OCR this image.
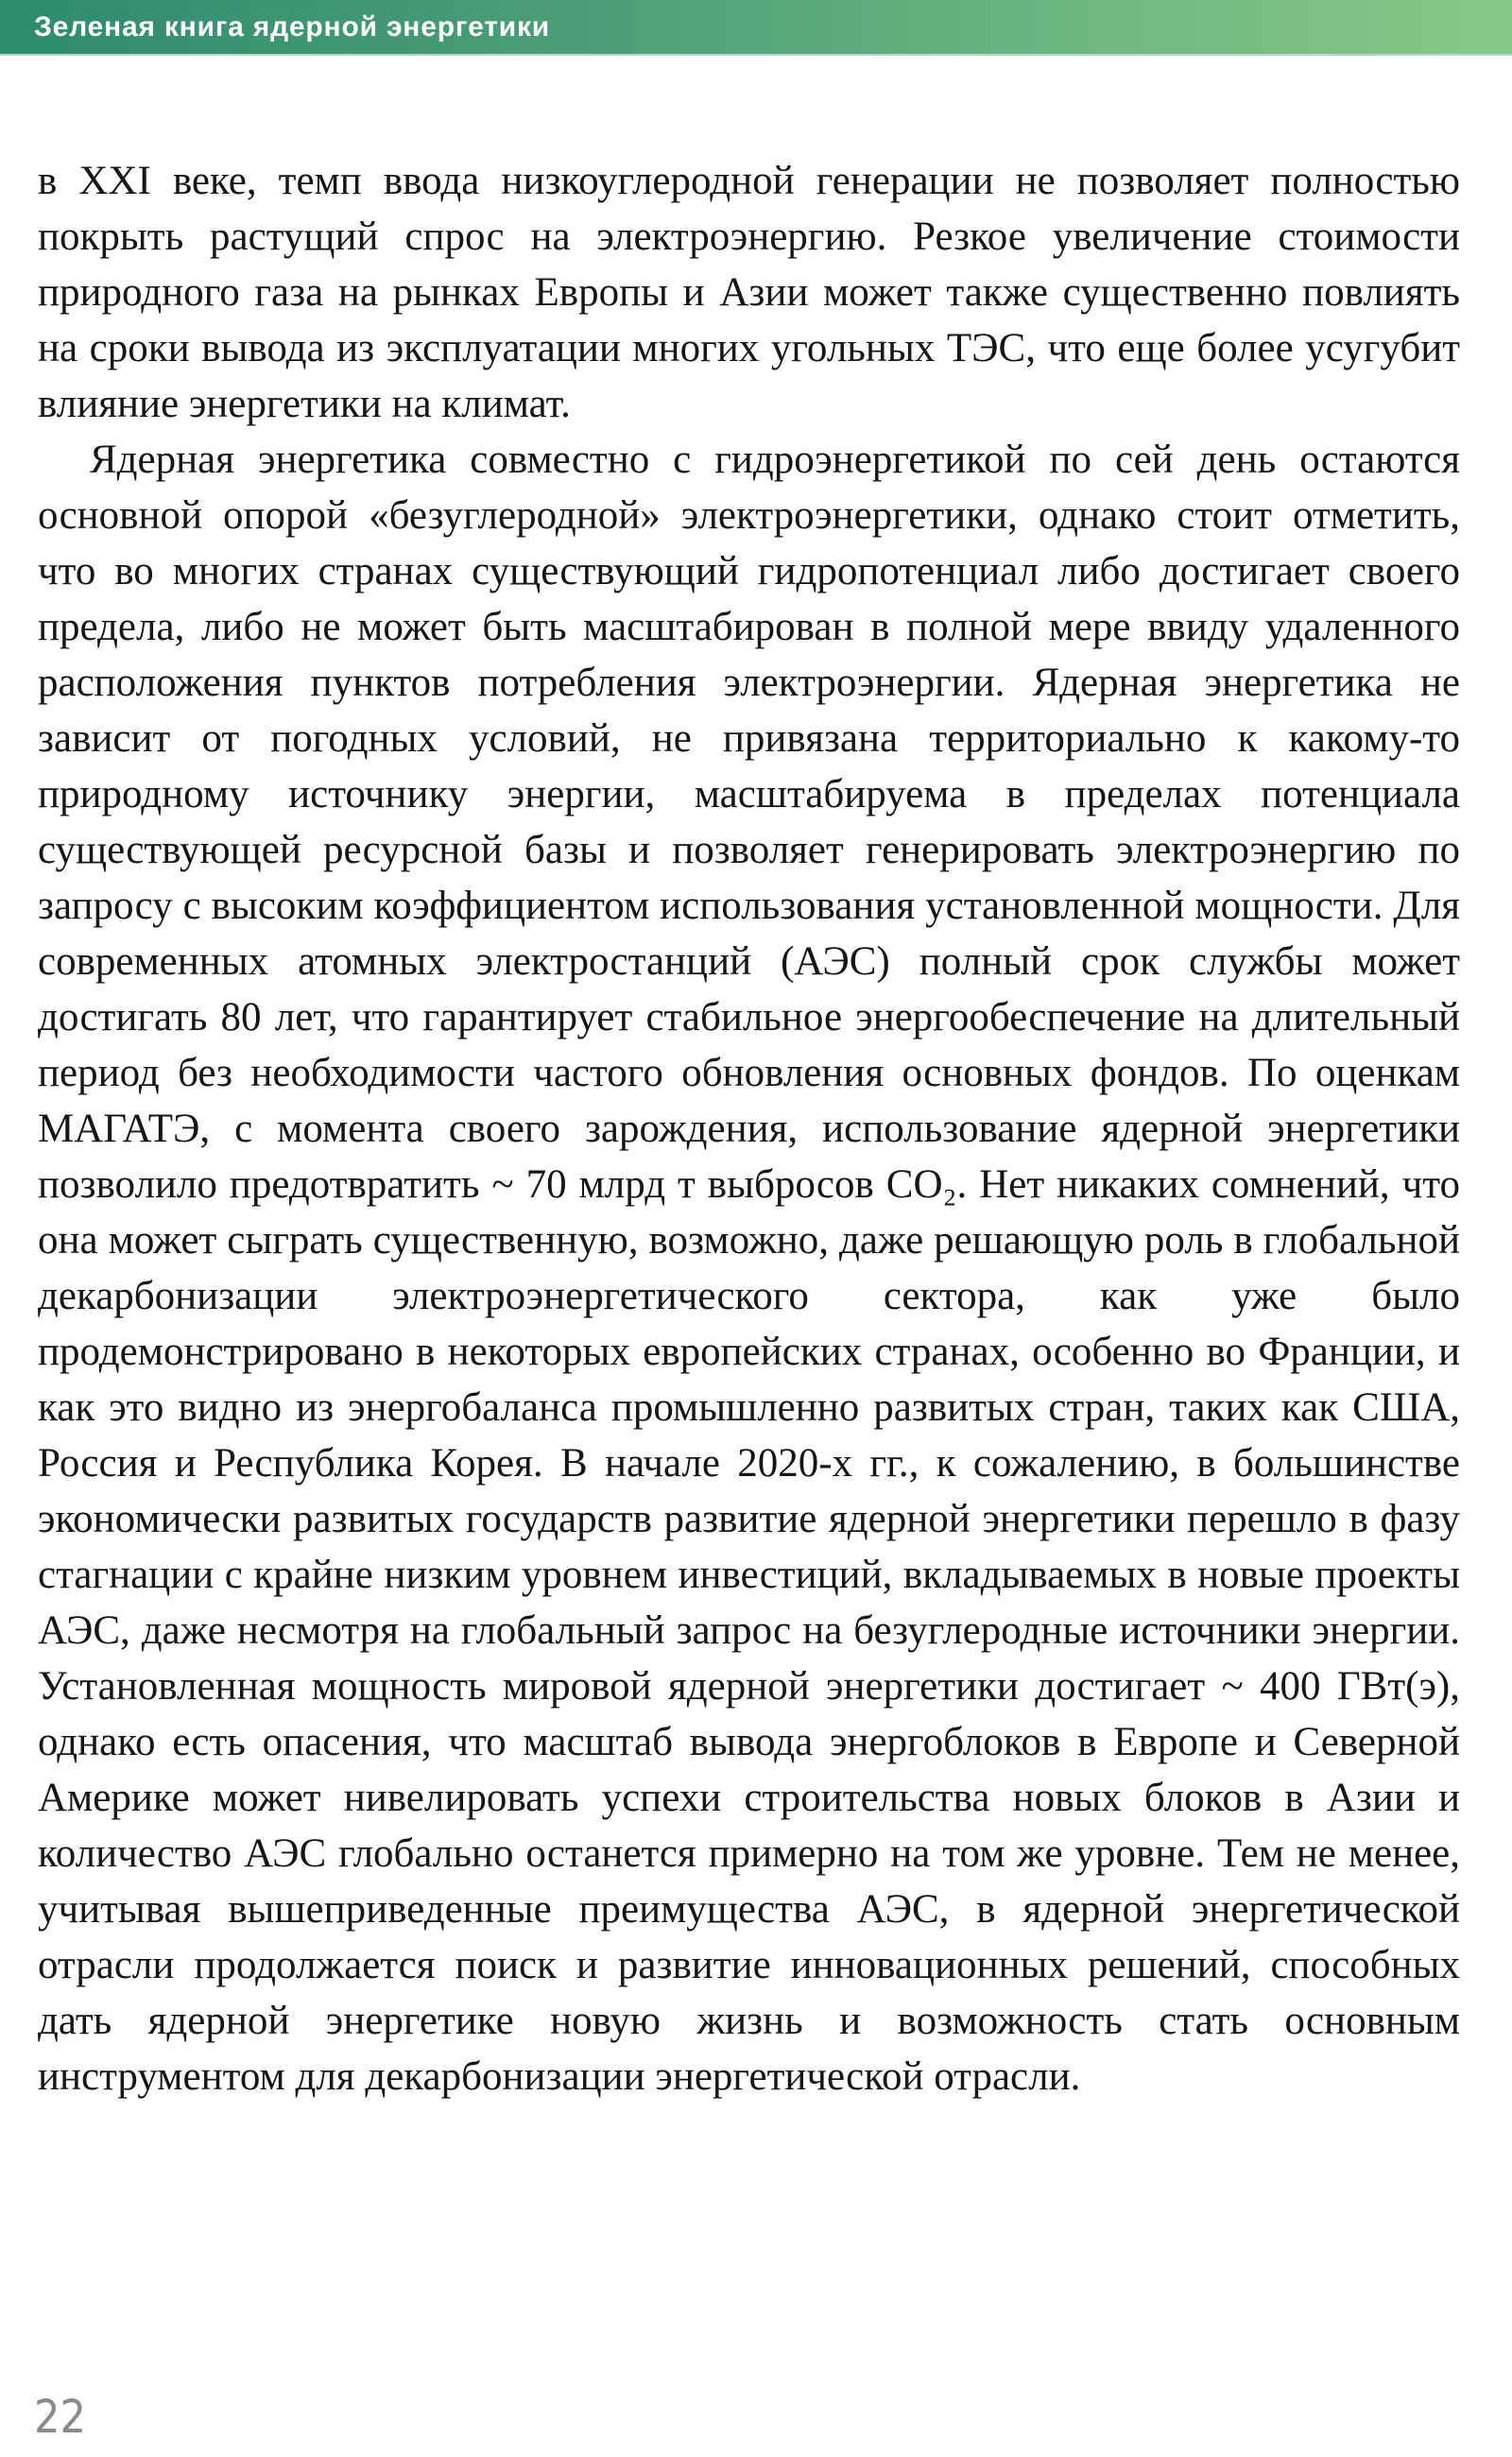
Зеленая книга ядерной энергетики

в XXI веке, темп ввода низкоуглеродной генерации не позволяет полностью покрыть растущий спрос на электроэнергию. Резкое увеличение стоимости природного газа на рынках Европы и Азии может также существенно повлиять на сроки вывода из эксплуатации многих угольных ТЭС, что еще более усугубит влияние энергетики на климат.

Ядерная энергетика совместно с гидроэнергетикой по сей день остаются основной опорой «безуглеродной» электроэнергетики, однако стоит отметить, что во многих странах существующий гидропотенциал либо достигает своего предела, либо не может быть масштабирован в полной мере ввиду удаленного расположения пунктов потребления электроэнергии. Ядерная энергетика не зависит от погодных условий, не привязана территориально к какому-то природному источнику энергии, масштабируема в пределах потенциала существующей ресурсной базы и позволяет генерировать электроэнергию по запросу с высоким коэффициентом использования установленной мощности. Для современных атомных электростанций (АЭС) полный срок службы может достигать 80 лет, что гарантирует стабильное энергообеспечение на длительный период без необходимости частого обновления основных фондов. По оценкам МАГАТЭ, с момента своего зарождения, использование ядерной энергетики позволило предотвратить ~ 70 млрд т выбросов CO₂. Нет никаких сомнений, что она может сыграть существенную, возможно, даже решающую роль в глобальной декарбонизации электроэнергетического сектора, как уже было продемонстрировано в некоторых европейских странах, особенно во Франции, и как это видно из энергобаланса промышленно развитых стран, таких как США, Россия и Республика Корея. В начале 2020-х гг., к сожалению, в большинстве экономически развитых государств развитие ядерной энергетики перешло в фазу стагнации с крайне низким уровнем инвестиций, вкладываемых в новые проекты АЭС, даже несмотря на глобальный запрос на безуглеродные источники энергии. Установленная мощность мировой ядерной энергетики достигает ~ 400 ГВт(э), однако есть опасения, что масштаб вывода энергоблоков в Европе и Северной Америке может нивелировать успехи строительства новых блоков в Азии и количество АЭС глобально останется примерно на том же уровне. Тем не менее, учитывая вышеприведенные преимущества АЭС, в ядерной энергетической отрасли продолжается поиск и развитие инновационных решений, способных дать ядерной энергетике новую жизнь и возможность стать основным инструментом для декарбонизации энергетической отрасли.

22
